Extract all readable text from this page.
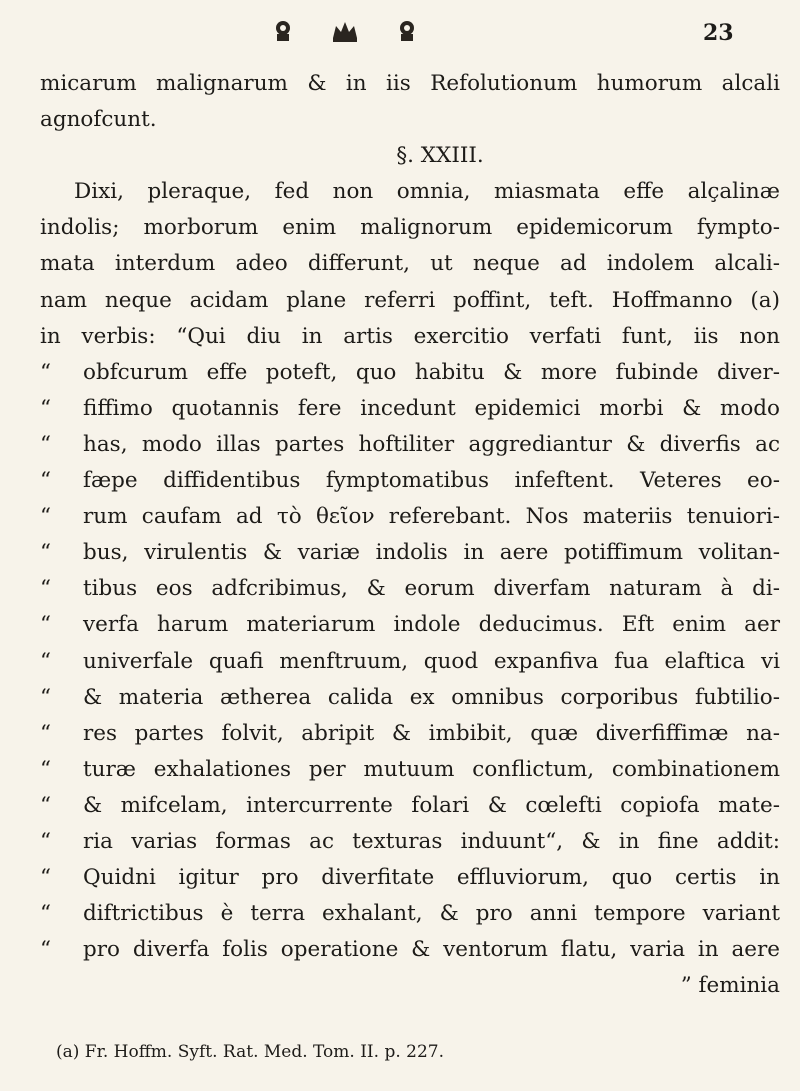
23
micarum malignarum & in iis Refolutionum humorum alcali
agnofcunt.
§. XXIII.
Dixi, pleraque, fed non omnia, miasmata effe alçalinæ
indolis; morborum enim malignorum epidemicorum fympto-
mata interdum adeo differunt, ut neque ad indolem alcali-
nam neque acidam plane referri poffint, teft. Hoffmanno (a)
in verbis: “Qui diu in artis exercitio verfati funt, iis non
“ obfcurum effe poteft, quo habitu & more fubinde diver-
“ fiffimo quotannis fere incedunt epidemici morbi & modo
“ has, modo illas partes hoftiliter aggrediantur & diverfis ac
“ fæpe diffidentibus fymptomatibus infeftent. Veteres eo-
“ rum caufam ad τὸ θεῖον referebant. Nos materiis tenuiori-
“ bus, virulentis & variæ indolis in aere potiffimum volitan-
“ tibus eos adfcribimus, & eorum diverfam naturam à di-
“ verfa harum materiarum indole deducimus. Eft enim aer
“ univerfale quafi menftruum, quod expanfiva fua elaftica vi
“ & materia ætherea calida ex omnibus corporibus fubtilio-
“ res partes folvit, abripit & imbibit, quæ diverfiffimæ na-
“ turæ exhalationes per mutuum conflictum, combinationem
“ & mifcelam, intercurrente folari & cœlefti copiofa mate-
“ ria varias formas ac texturas induunt“, & in fine addit:
“ Quidni igitur pro diverfitate effluviorum, quo certis in
“ diftrictibus è terra exhalant, & pro anni tempore variant
“ pro diverfa folis operatione & ventorum flatu, varia in aere
” feminia
(a) Fr. Hoffm. Syft. Rat. Med. Tom. II. p. 227.
